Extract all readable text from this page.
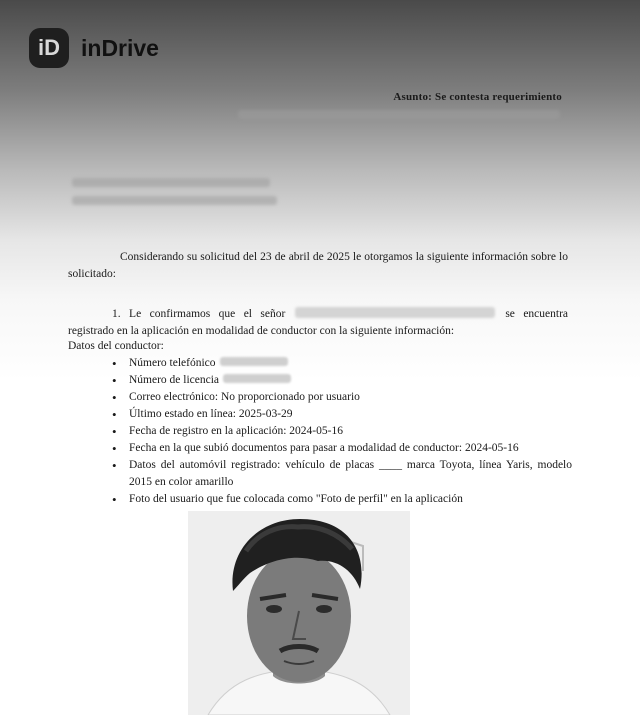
iD inDrive
Asunto: Se contesta requerimiento
Considerando su solicitud del 23 de abril de 2025 le otorgamos la siguiente información sobre lo solicitado:
1. Le confirmamos que el señor	se encuentra registrado en la aplicación en modalidad de conductor con la siguiente información:
Datos del conductor:
• Número telefónico
• Número de licencia
• Correo electrónico: No proporcionado por usuario
• Último estado en línea: 2025-03-29
• Fecha de registro en la aplicación: 2024-05-16
• Fecha en la que subió documentos para pasar a modalidad de conductor: 2024-05-16
• Datos del automóvil registrado: vehículo de placas ____ marca Toyota, línea Yaris, modelo 2015 en color amarillo
• Foto del usuario que fue colocada como "Foto de perfil" en la aplicación
